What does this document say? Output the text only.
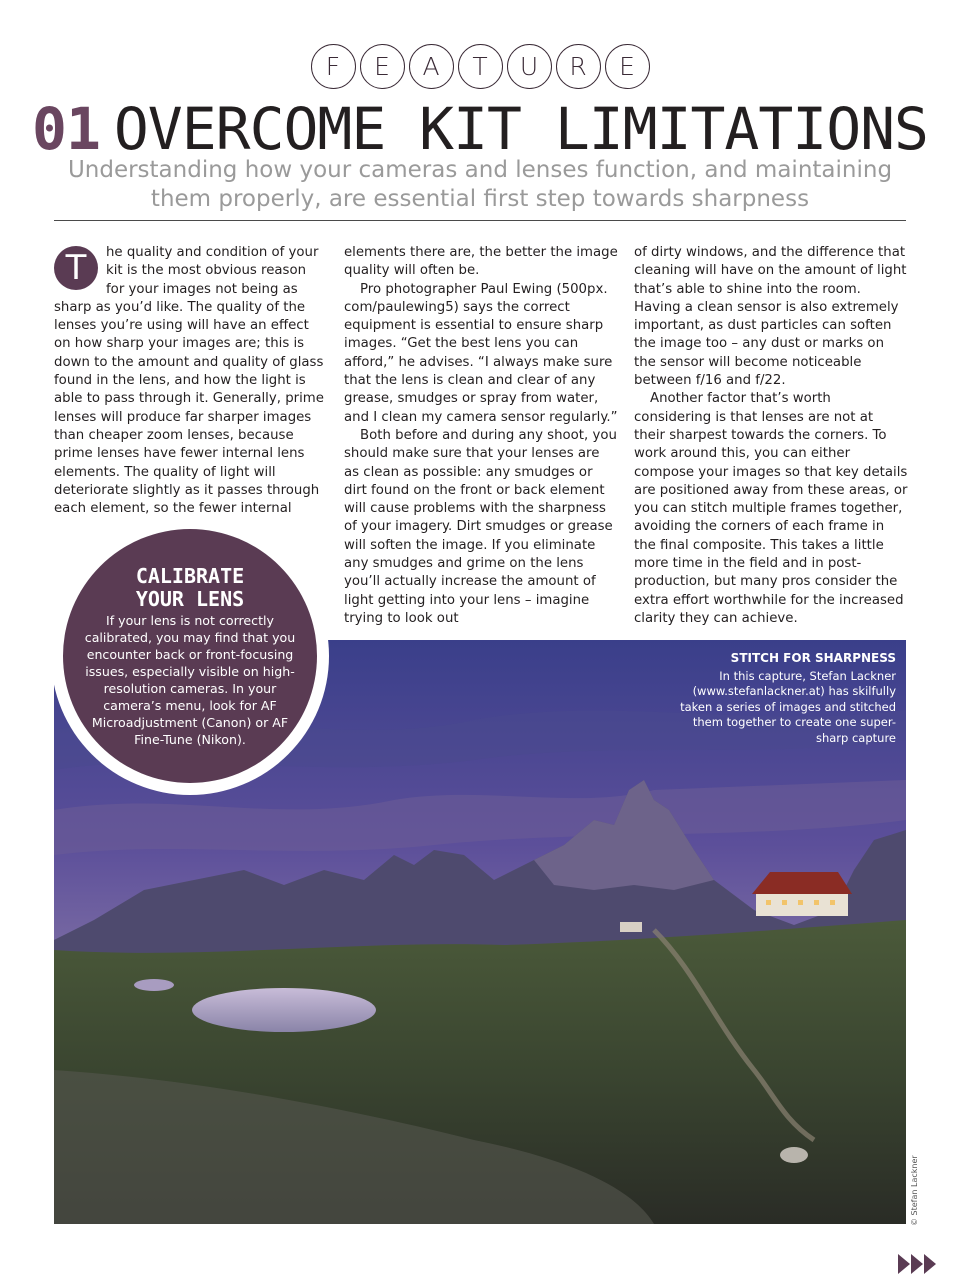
F	E	A	T	U	R	E
01 OVERCOME KIT LIMITATIONS

Understanding how your cameras and lenses function, and maintaining them properly, are essential first step towards sharpness

T	he quality and condition of your kit is the most obvious reason for your images not being as sharp as you’d like. The quality of the lenses you’re using will have an effect on how sharp your images are; this is down to the amount and quality of glass found in the lens, and how the light is able to pass through it. Generally, prime lenses will produce far sharper images than cheaper zoom lenses, because prime lenses have fewer internal lens elements. The quality of light will deteriorate slightly as it passes through each element, so the fewer internal

elements there are, the better the image quality will often be.

Pro photographer Paul Ewing (500px. com/paulewing5) says the correct equipment is essential to ensure sharp images. “Get the best lens you can afford,” he advises. “I always make sure that the lens is clean and clear of any grease, smudges or spray from water, and I clean my camera sensor regularly.”

Both before and during any shoot, you should make sure that your lenses are as clean as possible: any smudges or dirt found on the front or back element will cause problems with the sharpness of your imagery. Dirt smudges or grease will soften the image. If you eliminate any smudges and grime on the lens you’ll actually increase the amount of light getting into your lens – imagine trying to look out

of dirty windows, and the difference that cleaning will have on the amount of light that’s able to shine into the room. Having a clean sensor is also extremely important, as dust particles can soften the image too – any dust or marks on the sensor will become noticeable between f/16 and f/22.

Another factor that’s worth considering is that lenses are not at their sharpest towards the corners. To work around this, you can either compose your images so that key details are positioned away from these areas, or you can stitch multiple frames together, avoiding the corners of each frame in the final composite. This takes a little more time in the field and in post-production, but many pros consider the extra effort worthwhile for the increased clarity they can achieve.

STITCH FOR SHARPNESS
In this capture, Stefan Lackner (www.stefanlackner.at) has skilfully taken a series of images and stitched them together to create one super-sharp capture
© Stefan Lackner
CALIBRATE
YOUR LENS
If your lens is not correctly calibrated, you may find that you encounter back or front-focusing issues, especially visible on high-resolution cameras. In your camera’s menu, look for AF Microadjustment (Canon) or AF Fine-Tune (Nikon).
